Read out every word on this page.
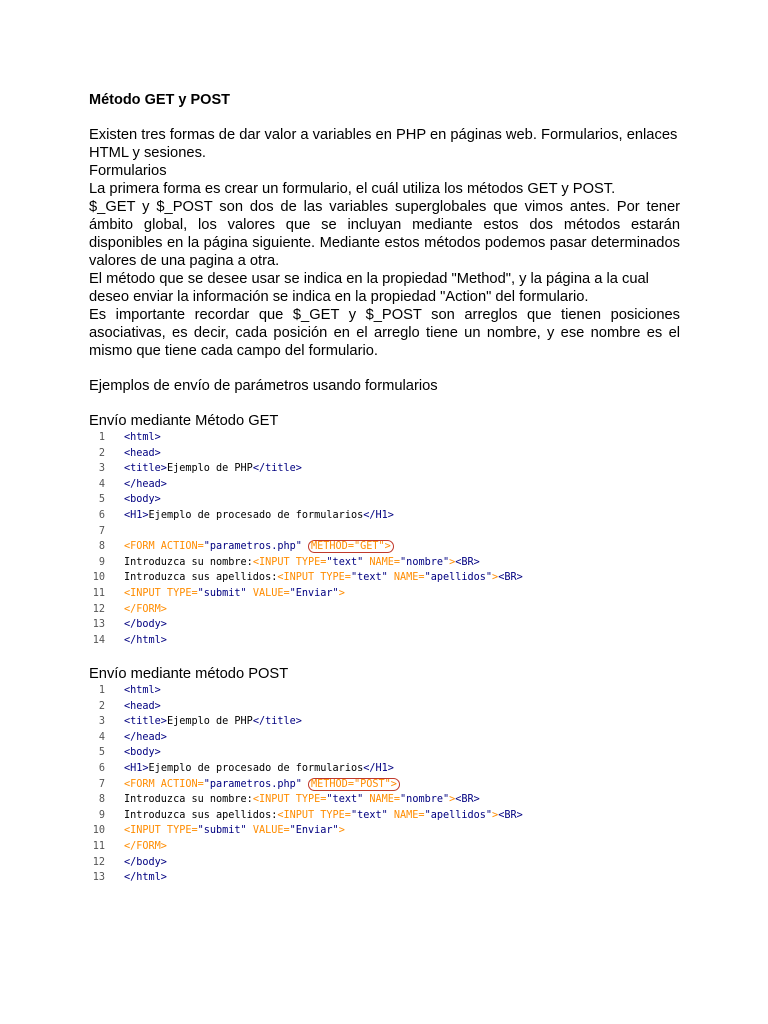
Método GET y POST

Existen tres formas de dar valor a variables en PHP en páginas web. Formularios, enlaces HTML y sesiones.

Formularios

La primera forma es crear un formulario, el cuál utiliza los métodos GET y POST.

$_GET y $_POST son dos de las variables superglobales que vimos antes. Por tener ámbito global, los valores que se incluyan mediante estos dos métodos estarán disponibles en la página siguiente. Mediante estos métodos podemos pasar determinados valores de una pagina a otra.

El método que se desee usar se indica en la propiedad "Method", y la página a la cual deseo enviar la información se indica en la propiedad "Action" del formulario.

Es importante recordar que $_GET y $_POST son arreglos que tienen posiciones asociativas, es decir, cada posición en el arreglo tiene un nombre, y ese nombre es el mismo que tiene cada campo del formulario.

Ejemplos de envío de parámetros usando formularios

Envío mediante Método GET

1 <html>
2 <head>
3 <title>Ejemplo de PHP</title>
4 </head>
5 <body>
6 <H1>Ejemplo de procesado de formularios</H1>
7
8 <FORM ACTION="parametros.php" METHOD="GET">
9 Introduzca su nombre:<INPUT TYPE="text" NAME="nombre"><BR>
10 Introduzca sus apellidos:<INPUT TYPE="text" NAME="apellidos"><BR>
11 <INPUT TYPE="submit" VALUE="Enviar">
12 </FORM>
13 </body>
14 </html>

Envío mediante método POST

1 <html>
2 <head>
3 <title>Ejemplo de PHP</title>
4 </head>
5 <body>
6 <H1>Ejemplo de procesado de formularios</H1>
7 <FORM ACTION="parametros.php" METHOD="POST">
8 Introduzca su nombre:<INPUT TYPE="text" NAME="nombre"><BR>
9 Introduzca sus apellidos:<INPUT TYPE="text" NAME="apellidos"><BR>
10 <INPUT TYPE="submit" VALUE="Enviar">
11 </FORM>
12 </body>
13 </html>
